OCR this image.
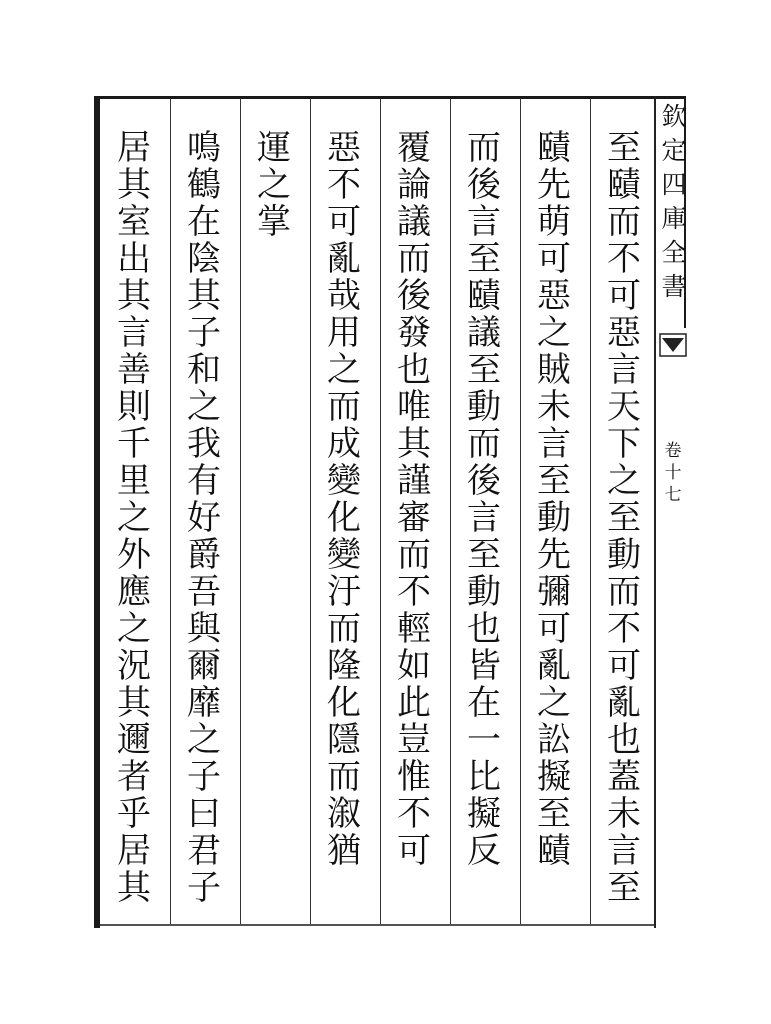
欽
定
四
庫
全
書
卷
十
七
至
賾
而
不
可
惡
言
天
下
之
至
動
而
不
可
亂
也
蓋
未
言
至
賾
先
萌
可
惡
之
賊
未
言
至
動
先
彌
可
亂
之
訟
擬
至
賾
而
後
言
至
賾
議
至
動
而
後
言
至
動
也
皆
在
一
比
擬
反
覆
論
議
而
後
發
也
唯
其
謹
審
而
不
輕
如
此
豈
惟
不
可
惡
不
可
亂
哉
用
之
而
成
變
化
變
汙
而
隆
化
隱
而
溆
猶
運
之
掌
鳴
鶴
在
陰
其
子
和
之
我
有
好
爵
吾
與
爾
靡
之
子
曰
君
子
居
其
室
出
其
言
善
則
千
里
之
外
應
之
況
其
邇
者
乎
居
其
